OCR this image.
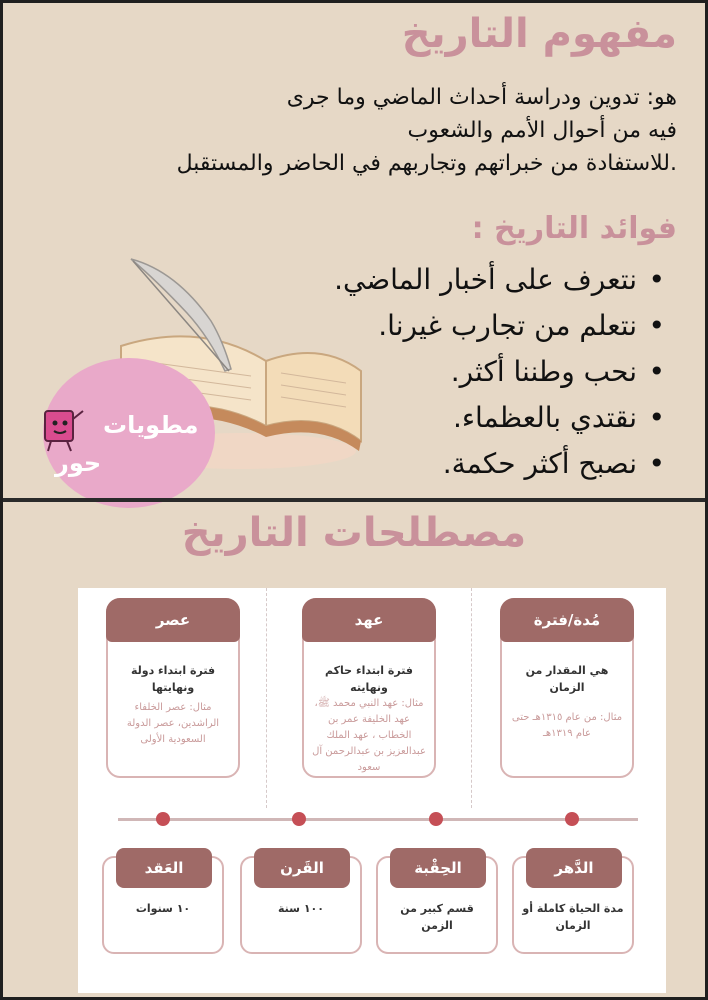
مفهوم التاريخ
هو: تدوين ودراسة أحداث الماضي وما جرى
فيه من أحوال الأمم والشعوب
.للاستفادة من خبراتهم وتجاربهم في الحاضر والمستقبل
فوائد التاريخ :
• نتعرف على أخبار الماضي.
• نتعلم من تجارب غيرنا.
• نحب وطننا أكثر.
• نقتدي بالعظماء.
• نصبح أكثر حكمة.
مطويات
حور
مصطلحات التاريخ
مُدة/فترة
هي المقدار من الزمان
مثال: من عام ١٣١٥هـ حتى عام ١٣١٩هـ
عهد
فترة ابتداء حاكم ونهايته
مثال: عهد النبي محمد ﷺ، عهد الخليفة عمر بن الخطاب ، عهد الملك عبدالعزيز بن عبدالرحمن آل سعود
عصر
فترة ابتداء دولة ونهايتها
مثال: عصر الخلفاء الراشدين، عصر الدولة السعودية الأولى
الدَّهر
مدة الحياة كاملة أو الزمان
الحِقْبة
قسم كبير من الزمن
القَرن
١٠٠ سنة
العَقد
١٠ سنوات
